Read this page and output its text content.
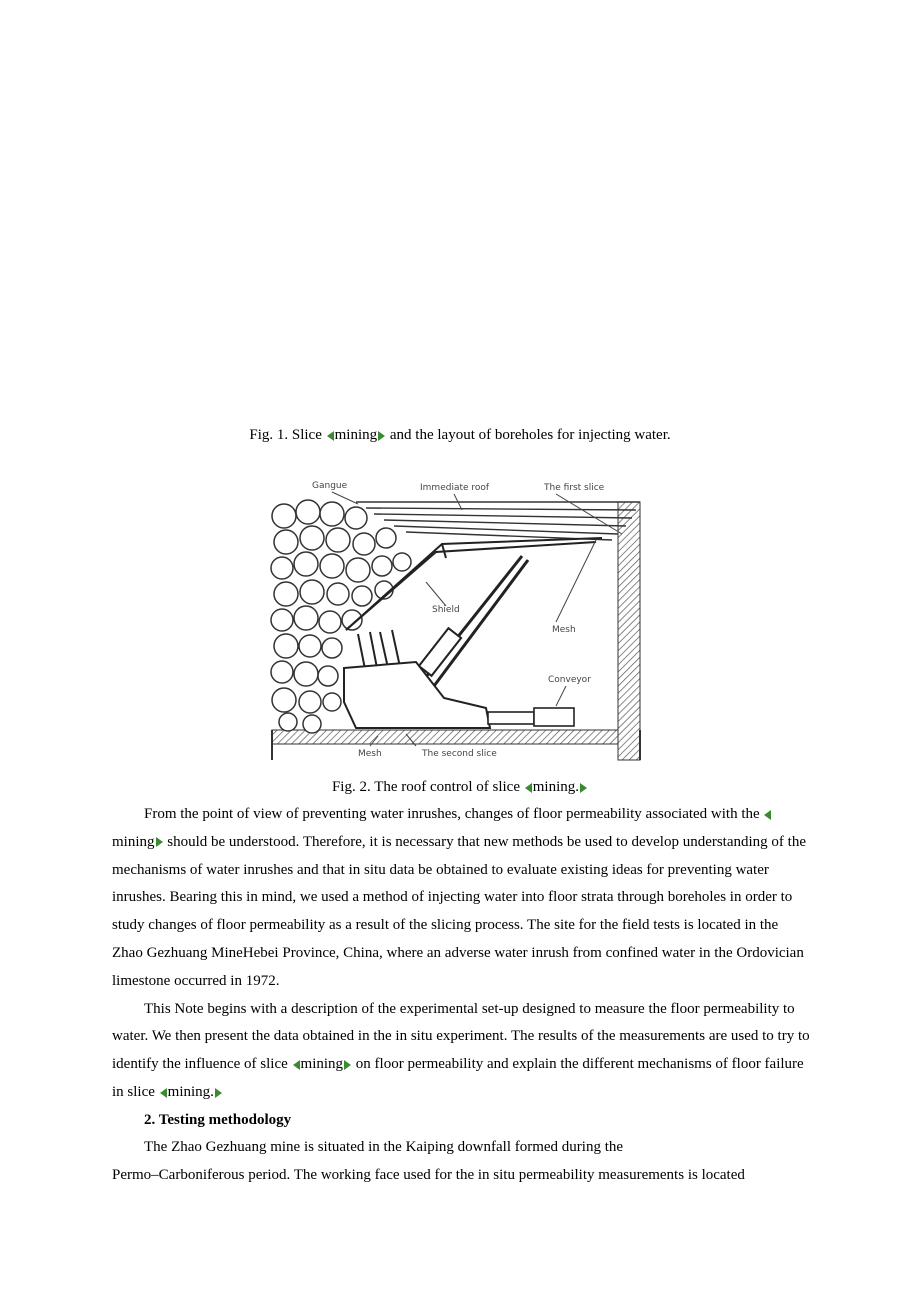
Fig. 1. Slice mining and the layout of boreholes for injecting water.
Gangue	Immediate roof	The first slice
Shield
Mesh
Conveyor
Mesh	The second slice
Fig. 2. The roof control of slice mining.

From the point of view of preventing water inrushes, changes of floor permeability associated with the mining should be understood. Therefore, it is necessary that new methods be used to develop understanding of the mechanisms of water inrushes and that in situ data be obtained to evaluate existing ideas for preventing water inrushes. Bearing this in mind, we used a method of injecting water into floor strata through boreholes in order to study changes of floor permeability as a result of the slicing process. The site for the field tests is located in the Zhao Gezhuang MineHebei Province, China, where an adverse water inrush from confined water in the Ordovician limestone occurred in 1972.

This Note begins with a description of the experimental set-up designed to measure the floor permeability to water. We then present the data obtained in the in situ experiment. The results of the measurements are used to try to identify the influence of slice mining on floor permeability and explain the different mechanisms of floor failure in slice mining.

2. Testing methodology

The Zhao Gezhuang mine is situated in the Kaiping downfall formed during the

Permo–Carboniferous period. The working face used for the in situ permeability measurements is located
